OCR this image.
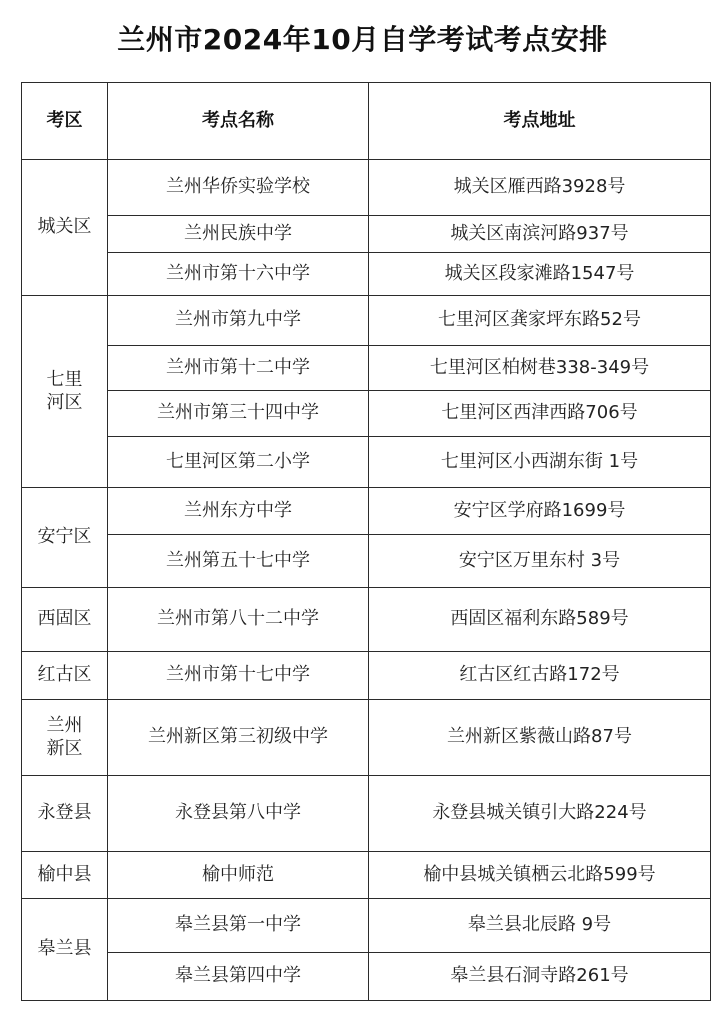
兰州市2024年10月自学考试考点安排
考区	考点名称	考点地址

城关区	兰州华侨实验学校	城关区雁西路3928号
	兰州民族中学	城关区南滨河路937号
	兰州市第十六中学	城关区段家滩路1547号

七里河区	兰州市第九中学	七里河区龚家坪东路52号
	兰州市第十二中学	七里河区柏树巷338-349号
	兰州市第三十四中学	七里河区西津西路706号
	七里河区第二小学	七里河区小西湖东街 1号

安宁区	兰州东方中学	安宁区学府路1699号
	兰州第五十七中学	安宁区万里东村 3号
西固区	兰州市第八十二中学	西固区福利东路589号
红古区	兰州市第十七中学	红古区红古路172号

兰州新区	兰州新区第三初级中学	兰州新区紫薇山路87号
永登县	永登县第八中学	永登县城关镇引大路224号
榆中县	榆中师范	榆中县城关镇栖云北路599号

皋兰县	皋兰县第一中学	皋兰县北辰路 9号
	皋兰县第四中学	皋兰县石洞寺路261号
